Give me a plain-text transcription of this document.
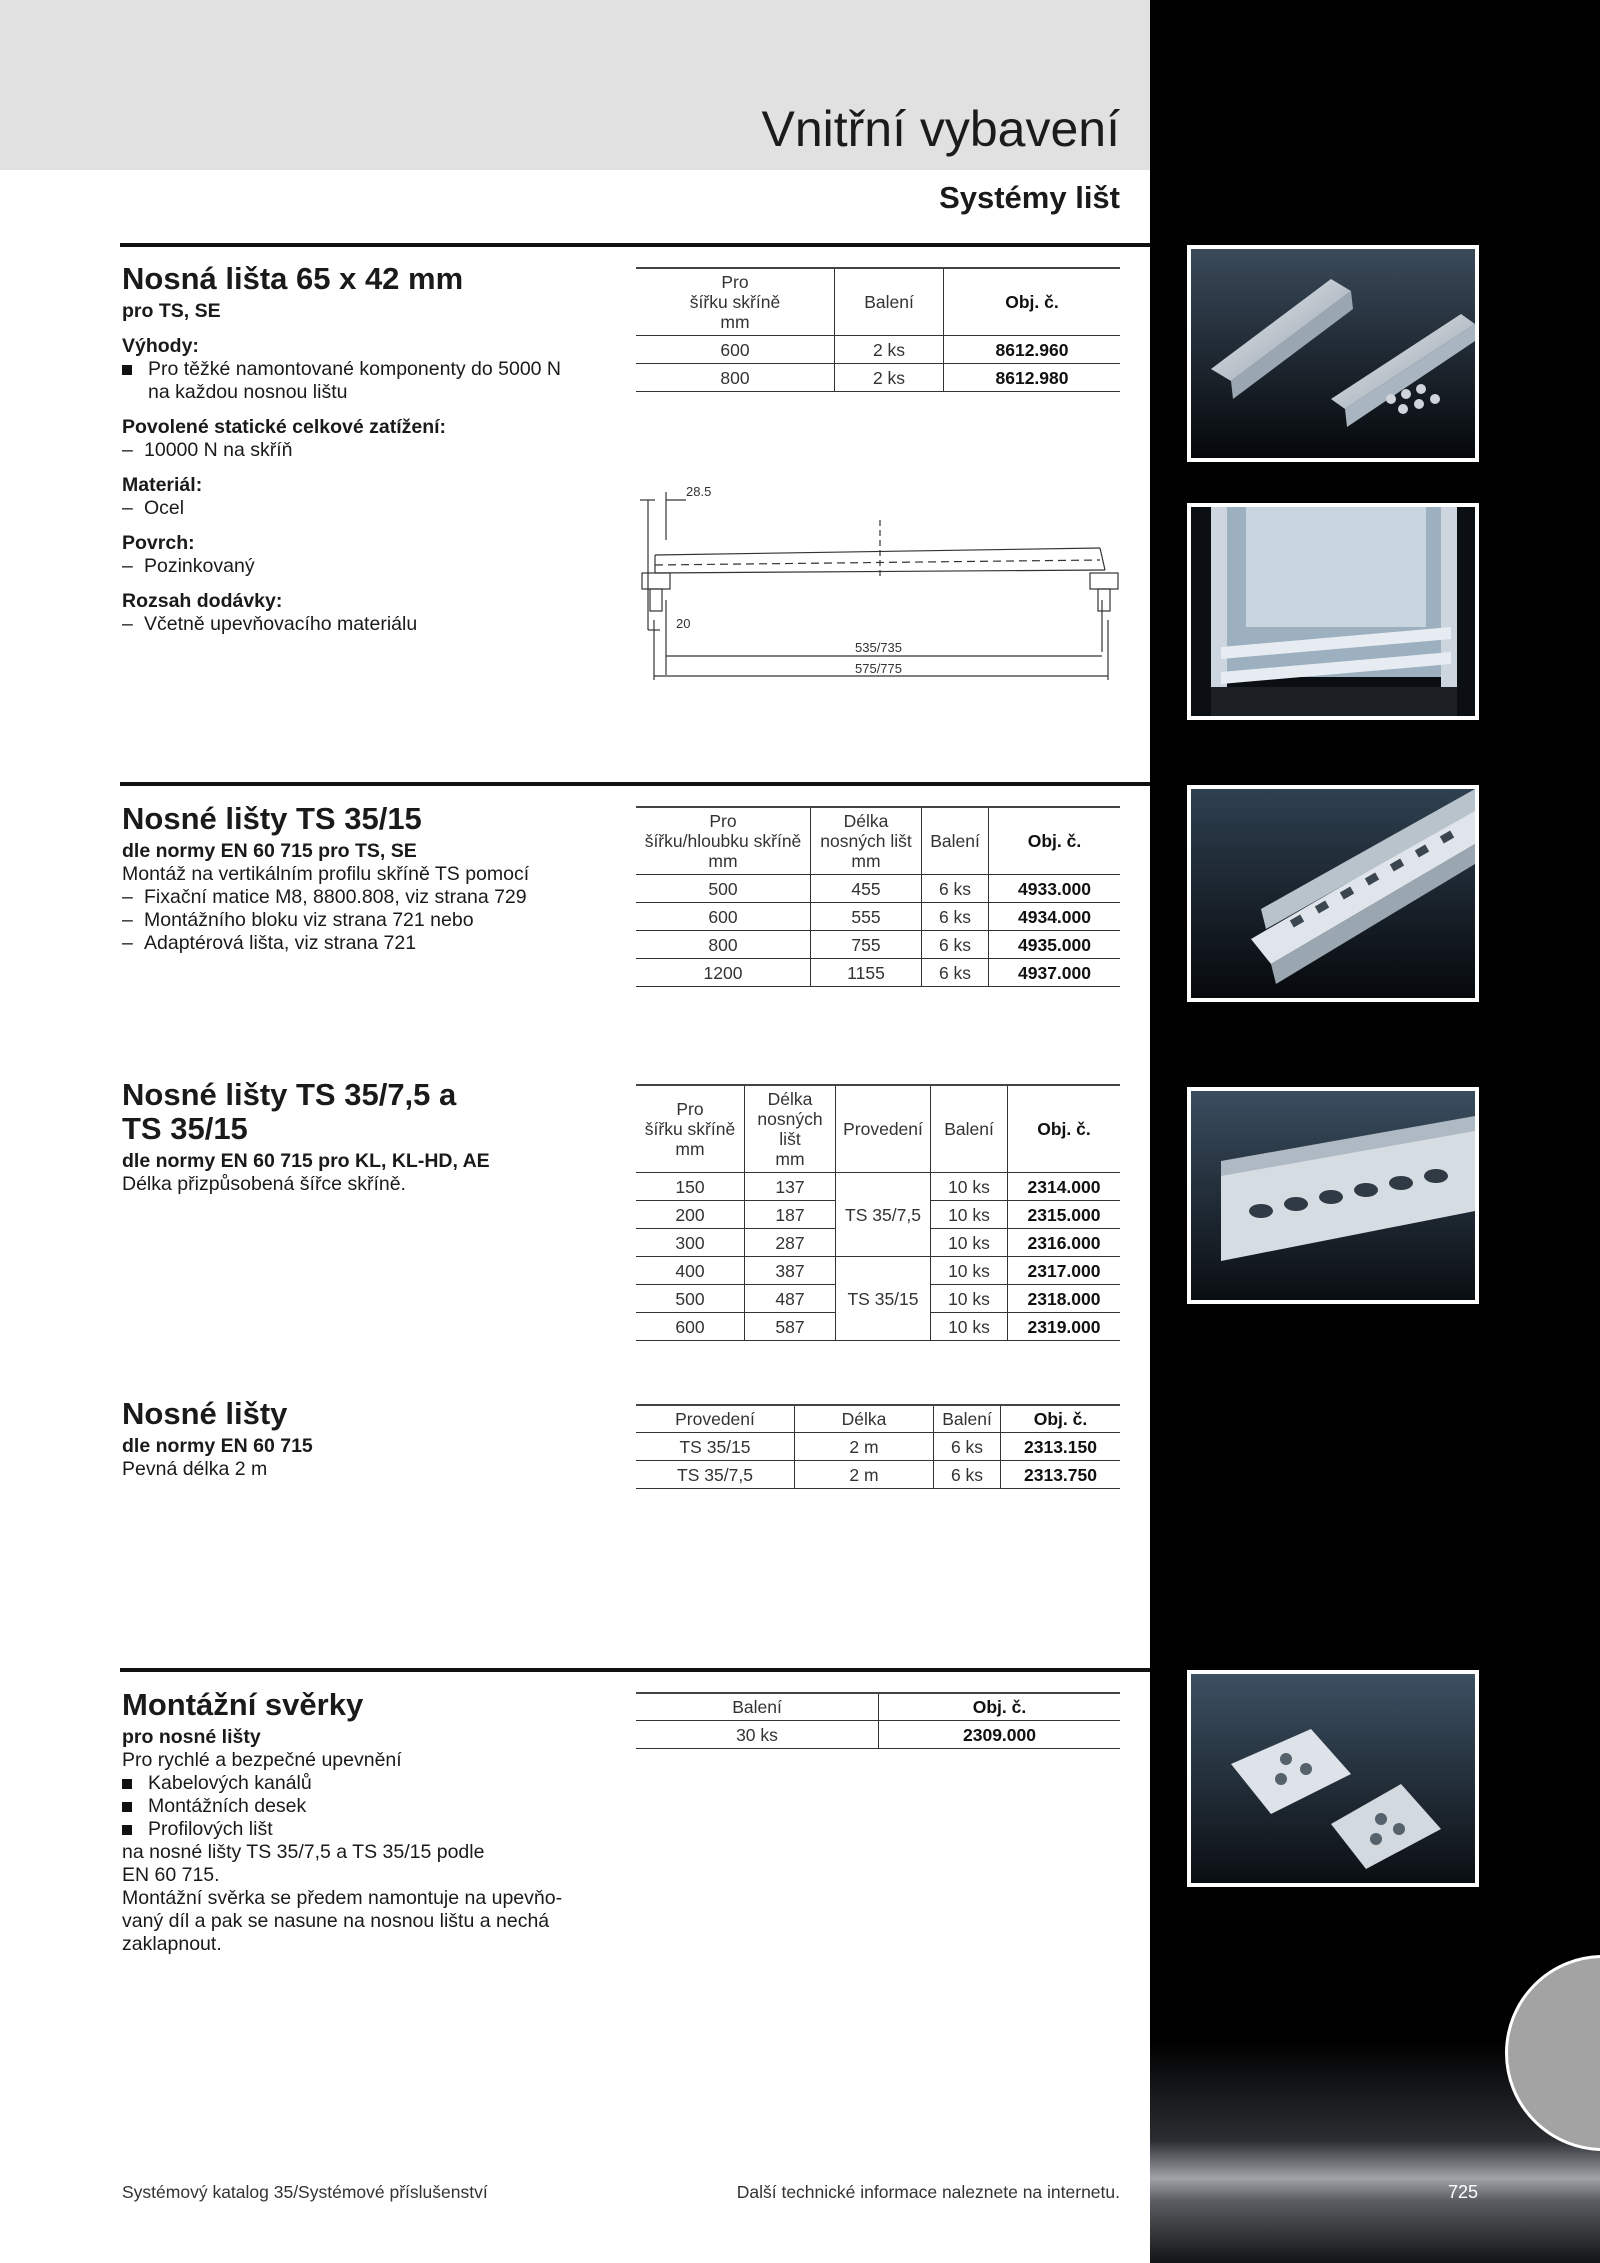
725
Vnitřní vybavení
Systémy lišt
Nosná lišta 65 x 42 mm
pro TS, SE
Výhody:
Pro těžké namontované komponenty do 5000 N
na každou nosnou lištu
Povolené statické celkové zatížení:
– 10000 N na skříň
Materiál:
– Ocel
Povrch:
– Pozinkovaný
Rozsah dodávky:
– Včetně upevňovacího materiálu
Pro
šířku skříně
mm	Balení	Obj. č.
600	2 ks	8612.960
800	2 ks	8612.980
28.5
20
535/735
575/775
Nosné lišty TS 35/15
dle normy EN 60 715 pro TS, SE
Montáž na vertikálním profilu skříně TS pomocí
– Fixační matice M8, 8800.808, viz strana 729
– Montážního bloku viz strana 721 nebo
– Adaptérová lišta, viz strana 721
Pro
šířku/hloubku skříně
mm	Délka
nosných lišt
mm	Balení	Obj. č.
500	455	6 ks	4933.000
600	555	6 ks	4934.000
800	755	6 ks	4935.000
1200	1155	6 ks	4937.000
Nosné lišty TS 35/7,5 a
TS 35/15
dle normy EN 60 715 pro KL, KL-HD, AE
Délka přizpůsobená šířce skříně.
Pro
šířku skříně
mm	Délka
nosných
lišt
mm	Provedení	Balení	Obj. č.
150	137	TS 35/7,5	10 ks	2314.000
200	187		10 ks	2315.000
300	287		10 ks	2316.000
400	387	TS 35/15	10 ks	2317.000
500	487		10 ks	2318.000
600	587		10 ks	2319.000
Nosné lišty
dle normy EN 60 715
Pevná délka 2 m
Provedení	Délka	Balení	Obj. č.
TS 35/15	2 m	6 ks	2313.150
TS 35/7,5	2 m	6 ks	2313.750
Montážní svěrky
pro nosné lišty
Pro rychlé a bezpečné upevnění
Kabelových kanálů
Montážních desek
Profilových lišt
na nosné lišty TS 35/7,5 a TS 35/15 podle
EN 60 715.
Montážní svěrka se předem namontuje na upevňo-
vaný díl a pak se nasune na nosnou lištu a nechá
zaklapnout.
Balení	Obj. č.
30 ks	2309.000
Systémový katalog 35/Systémové příslušenství	Další technické informace naleznete na internetu.
